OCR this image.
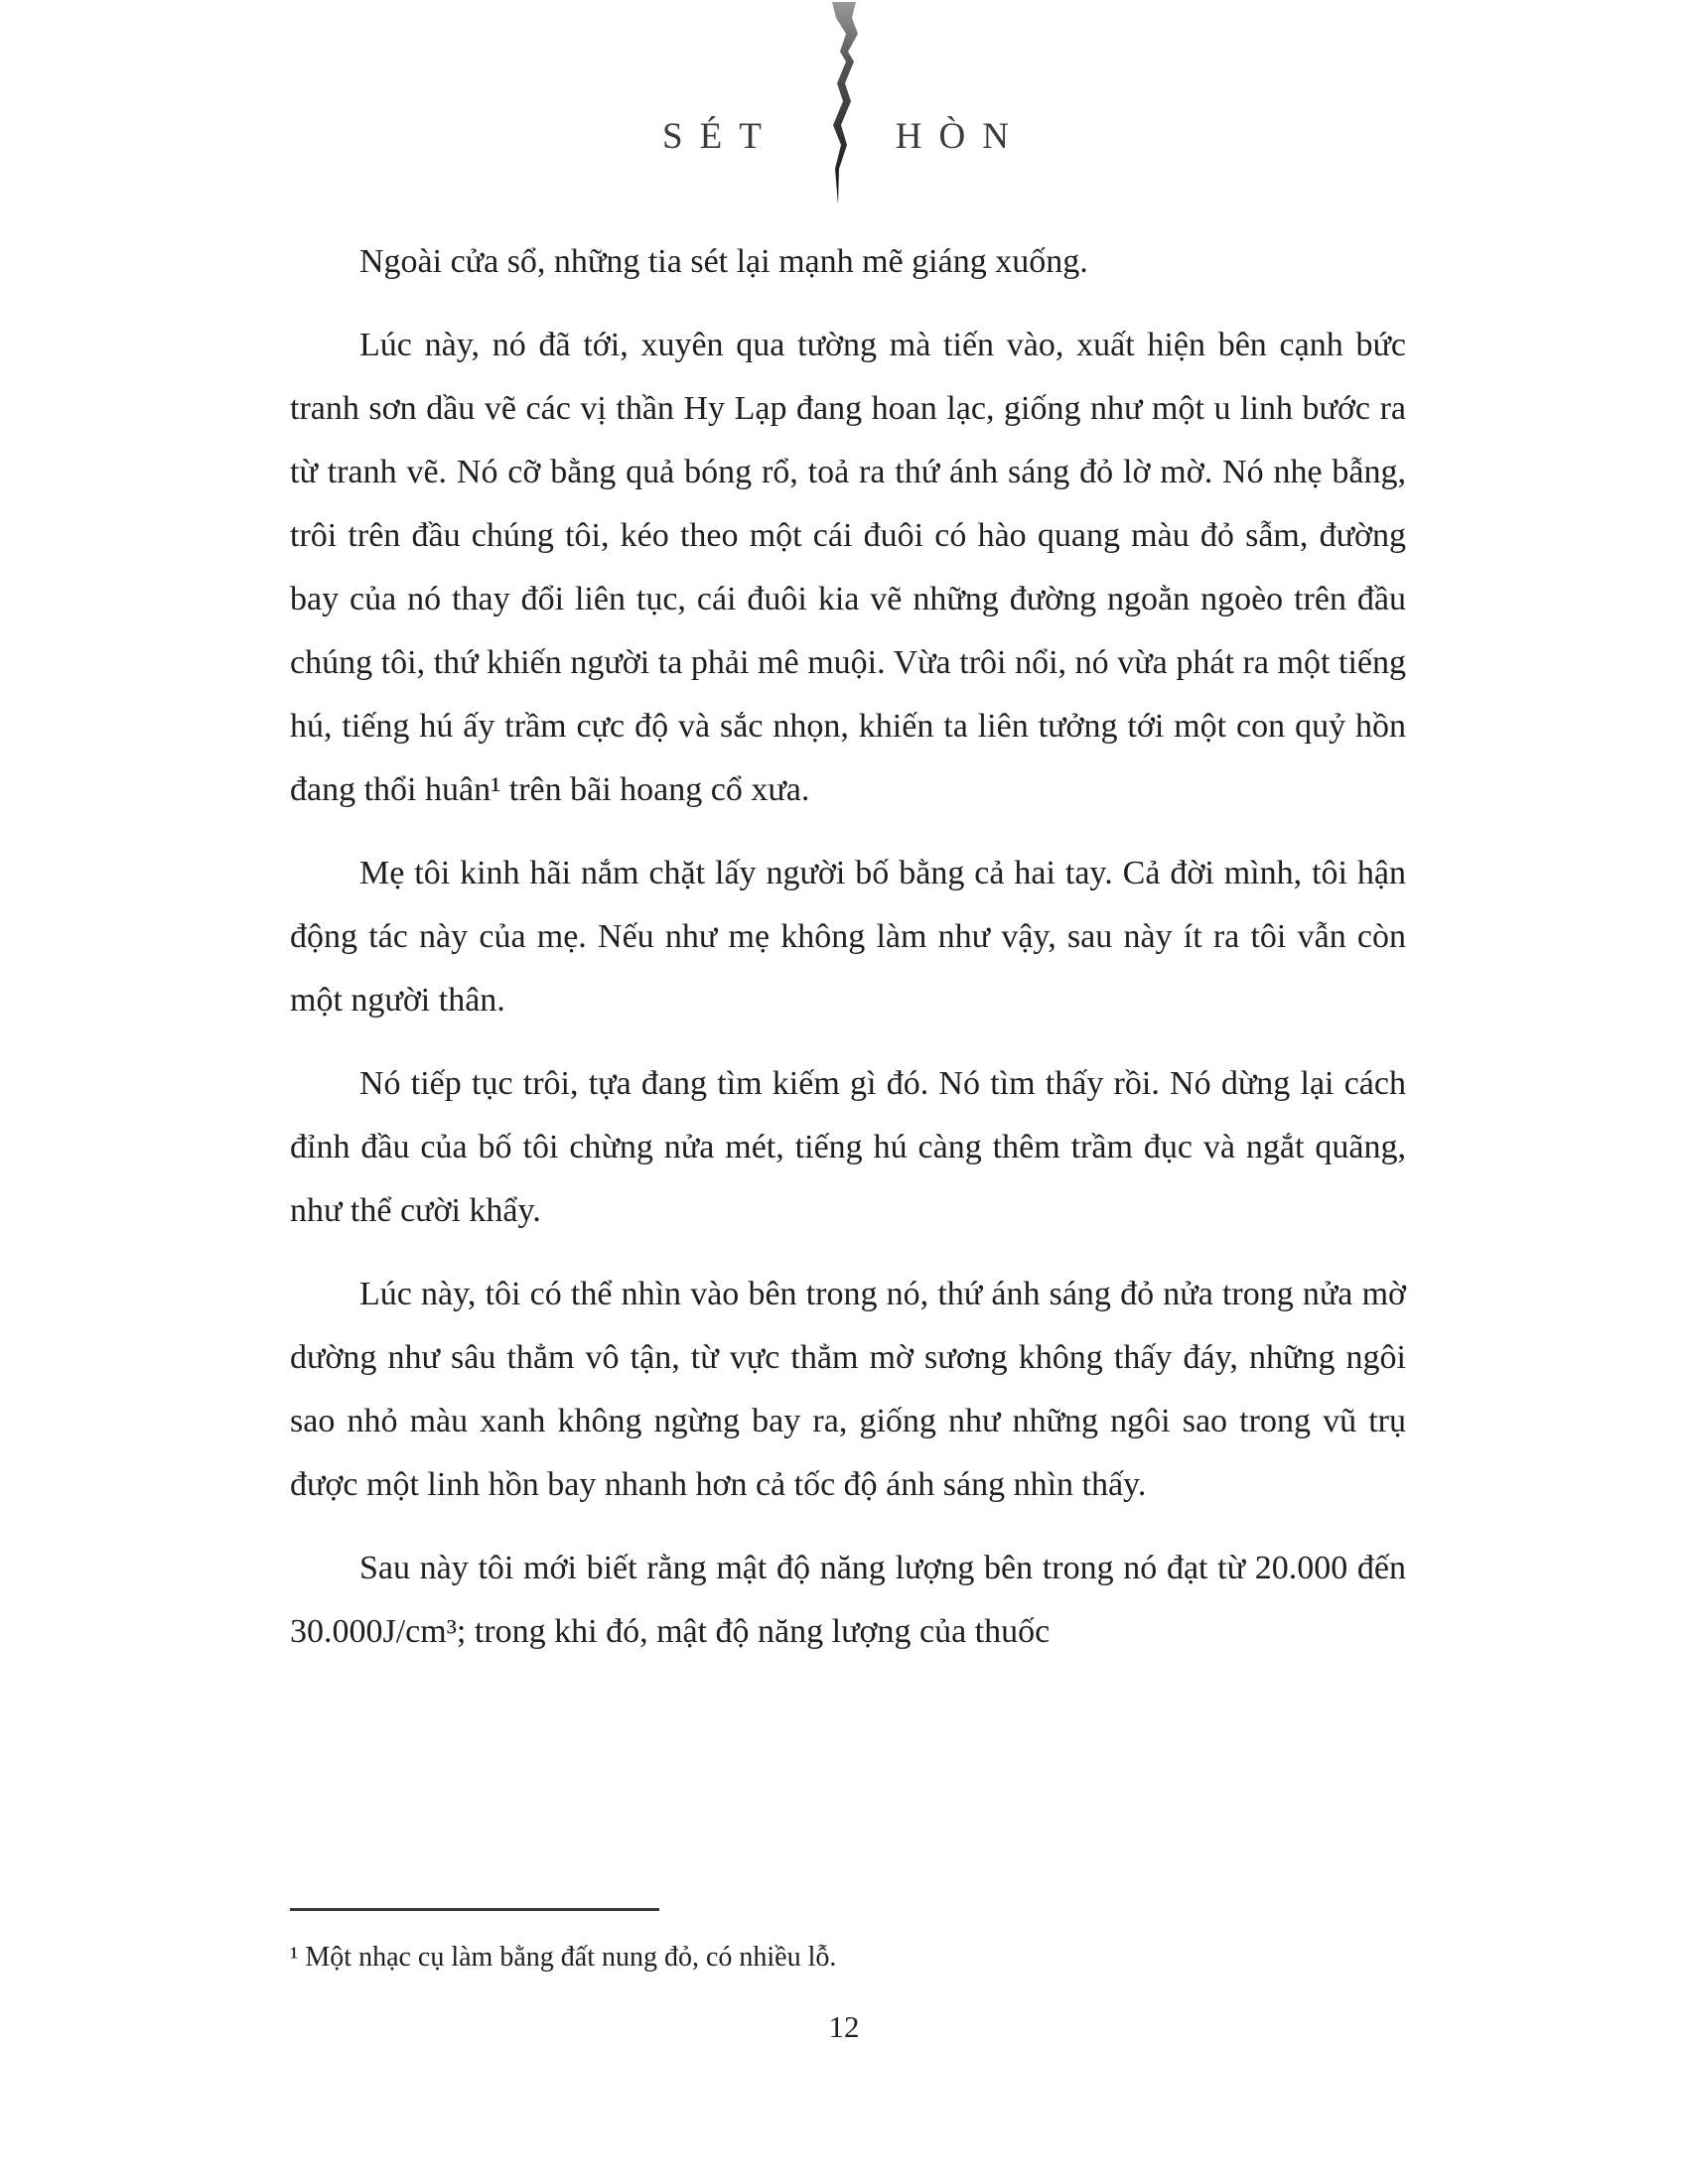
SÉT	HÒN

Ngoài cửa sổ, những tia sét lại mạnh mẽ giáng xuống.

Lúc này, nó đã tới, xuyên qua tường mà tiến vào, xuất hiện bên cạnh bức tranh sơn dầu vẽ các vị thần Hy Lạp đang hoan lạc, giống như một u linh bước ra từ tranh vẽ. Nó cỡ bằng quả bóng rổ, toả ra thứ ánh sáng đỏ lờ mờ. Nó nhẹ bẫng, trôi trên đầu chúng tôi, kéo theo một cái đuôi có hào quang màu đỏ sẫm, đường bay của nó thay đổi liên tục, cái đuôi kia vẽ những đường ngoằn ngoèo trên đầu chúng tôi, thứ khiến người ta phải mê muội. Vừa trôi nổi, nó vừa phát ra một tiếng hú, tiếng hú ấy trầm cực độ và sắc nhọn, khiến ta liên tưởng tới một con quỷ hồn đang thổi huân¹ trên bãi hoang cổ xưa.

Mẹ tôi kinh hãi nắm chặt lấy người bố bằng cả hai tay. Cả đời mình, tôi hận động tác này của mẹ. Nếu như mẹ không làm như vậy, sau này ít ra tôi vẫn còn một người thân.

Nó tiếp tục trôi, tựa đang tìm kiếm gì đó. Nó tìm thấy rồi. Nó dừng lại cách đỉnh đầu của bố tôi chừng nửa mét, tiếng hú càng thêm trầm đục và ngắt quãng, như thể cười khẩy.

Lúc này, tôi có thể nhìn vào bên trong nó, thứ ánh sáng đỏ nửa trong nửa mờ dường như sâu thẳm vô tận, từ vực thẳm mờ sương không thấy đáy, những ngôi sao nhỏ màu xanh không ngừng bay ra, giống như những ngôi sao trong vũ trụ được một linh hồn bay nhanh hơn cả tốc độ ánh sáng nhìn thấy.

Sau này tôi mới biết rằng mật độ năng lượng bên trong nó đạt từ 20.000 đến 30.000J/cm³; trong khi đó, mật độ năng lượng của thuốc

¹ Một nhạc cụ làm bằng đất nung đỏ, có nhiều lỗ.
12
